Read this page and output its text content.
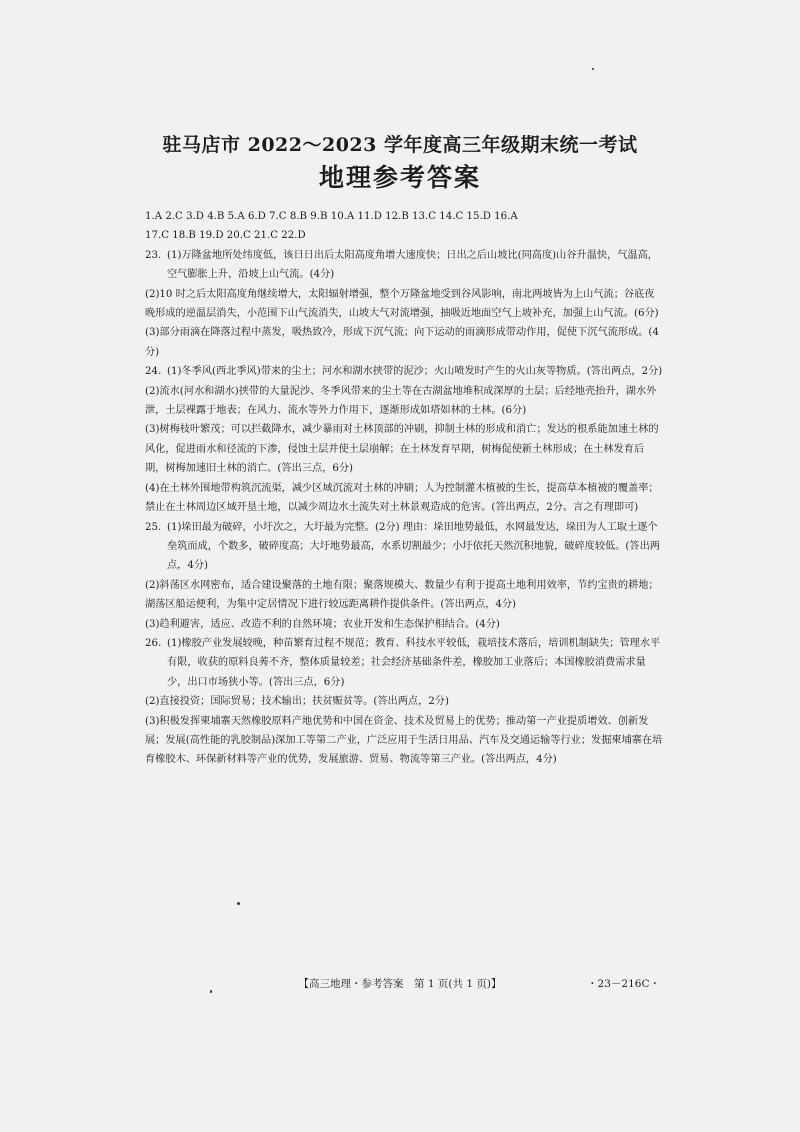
驻马店市 2022～2023 学年度高三年级期末统一考试
地理参考答案

1.A 2.C 3.D 4.B 5.A 6.D 7.C 8.B 9.B 10.A 11.D 12.B 13.C 14.C 15.D 16.A

17.C 18.B 19.D 20.C 21.C 22.D

23. (1)万隆盆地所处纬度低，该日日出后太阳高度角增大速度快；日出之后山坡比(同高度)山谷升温快，气温高，空气膨胀上升，沿坡上山气流。(4分)

(2)10 时之后太阳高度角继续增大，太阳辐射增强，整个万隆盆地受到谷风影响，南北两坡皆为上山气流；谷底夜晚形成的逆温层消失，小范围下山气流消失，山坡大气对流增强，抽吸近地面空气上坡补充，加强上山气流。(6分)

(3)部分雨滴在降落过程中蒸发，吸热致冷，形成下沉气流；向下运动的雨滴形成带动作用，促使下沉气流形成。(4分)

24. (1)冬季风(西北季风)带来的尘土；河水和湖水挟带的泥沙；火山喷发时产生的火山灰等物质。(答出两点，2分)

(2)流水(河水和湖水)挟带的大量泥沙、冬季风带来的尘土等在古湖盆地堆积成深厚的土层；后经地壳抬升，湖水外泄，土层裸露于地表；在风力、流水等外力作用下，逐渐形成如塔如林的土林。(6分)

(3)树梅枝叶繁茂；可以拦截降水，减少暴雨对土林顶部的冲刷，抑制土林的形成和消亡；发达的根系能加速土林的风化，促进雨水和径流的下渗，侵蚀土层并使土层崩解；在土林发育早期，树梅促使新土林形成；在土林发育后期，树梅加速旧土林的消亡。(答出三点，6分)

(4)在土林外围地带构筑沉流渠，减少区域沉流对土林的冲刷；人为控制灌木植被的生长，提高草本植被的覆盖率；禁止在土林周边区域开垦土地，以减少周边水土流失对土林景观造成的危害。(答出两点，2分。言之有理即可)

25. (1)垛田最为破碎，小圩次之，大圩最为完整。(2分) 理由：垛田地势最低，水网最发达，垛田为人工取土逐个垒筑而成，个数多，破碎度高；大圩地势最高，水系切割最少；小圩依托天然沉积地貌，破碎度较低。(答出两点，4分)

(2)斜荡区水网密布，适合建设聚落的土地有限；聚落规模大、数量少有利于提高土地利用效率，节约宝贵的耕地；湖荡区船运便利，为集中定居情况下进行较远距离耕作提供条件。(答出两点，4分)

(3)趋利避害，适应、改造不利的自然环境；农业开发和生态保护相结合。(4分)

26. (1)橡胶产业发展较晚，种苗繁育过程不规范；教育、科技水平较低，栽培技术落后，培训机制缺失；管理水平有限，收获的原料良莠不齐，整体质量较差；社会经济基础条件差，橡胶加工业落后；本国橡胶消费需求量少，出口市场狭小等。(答出三点，6分)

(2)直接投资；国际贸易；技术输出；扶贫赈贫等。(答出两点，2分)

(3)积极发挥柬埔寨天然橡胶原料产地优势和中国在资金、技术及贸易上的优势；推动第一产业提质增效、创新发展；发展(高性能的乳胶制品)深加工等第二产业，广泛应用于生活日用品、汽车及交通运输等行业；发掘柬埔寨在培育橡胶木、环保新材料等产业的优势，发展旅游、贸易、物流等第三产业。(答出两点，4分)

【高三地理・参考答案　第 1 页(共 1 页)】	・23－216C・
